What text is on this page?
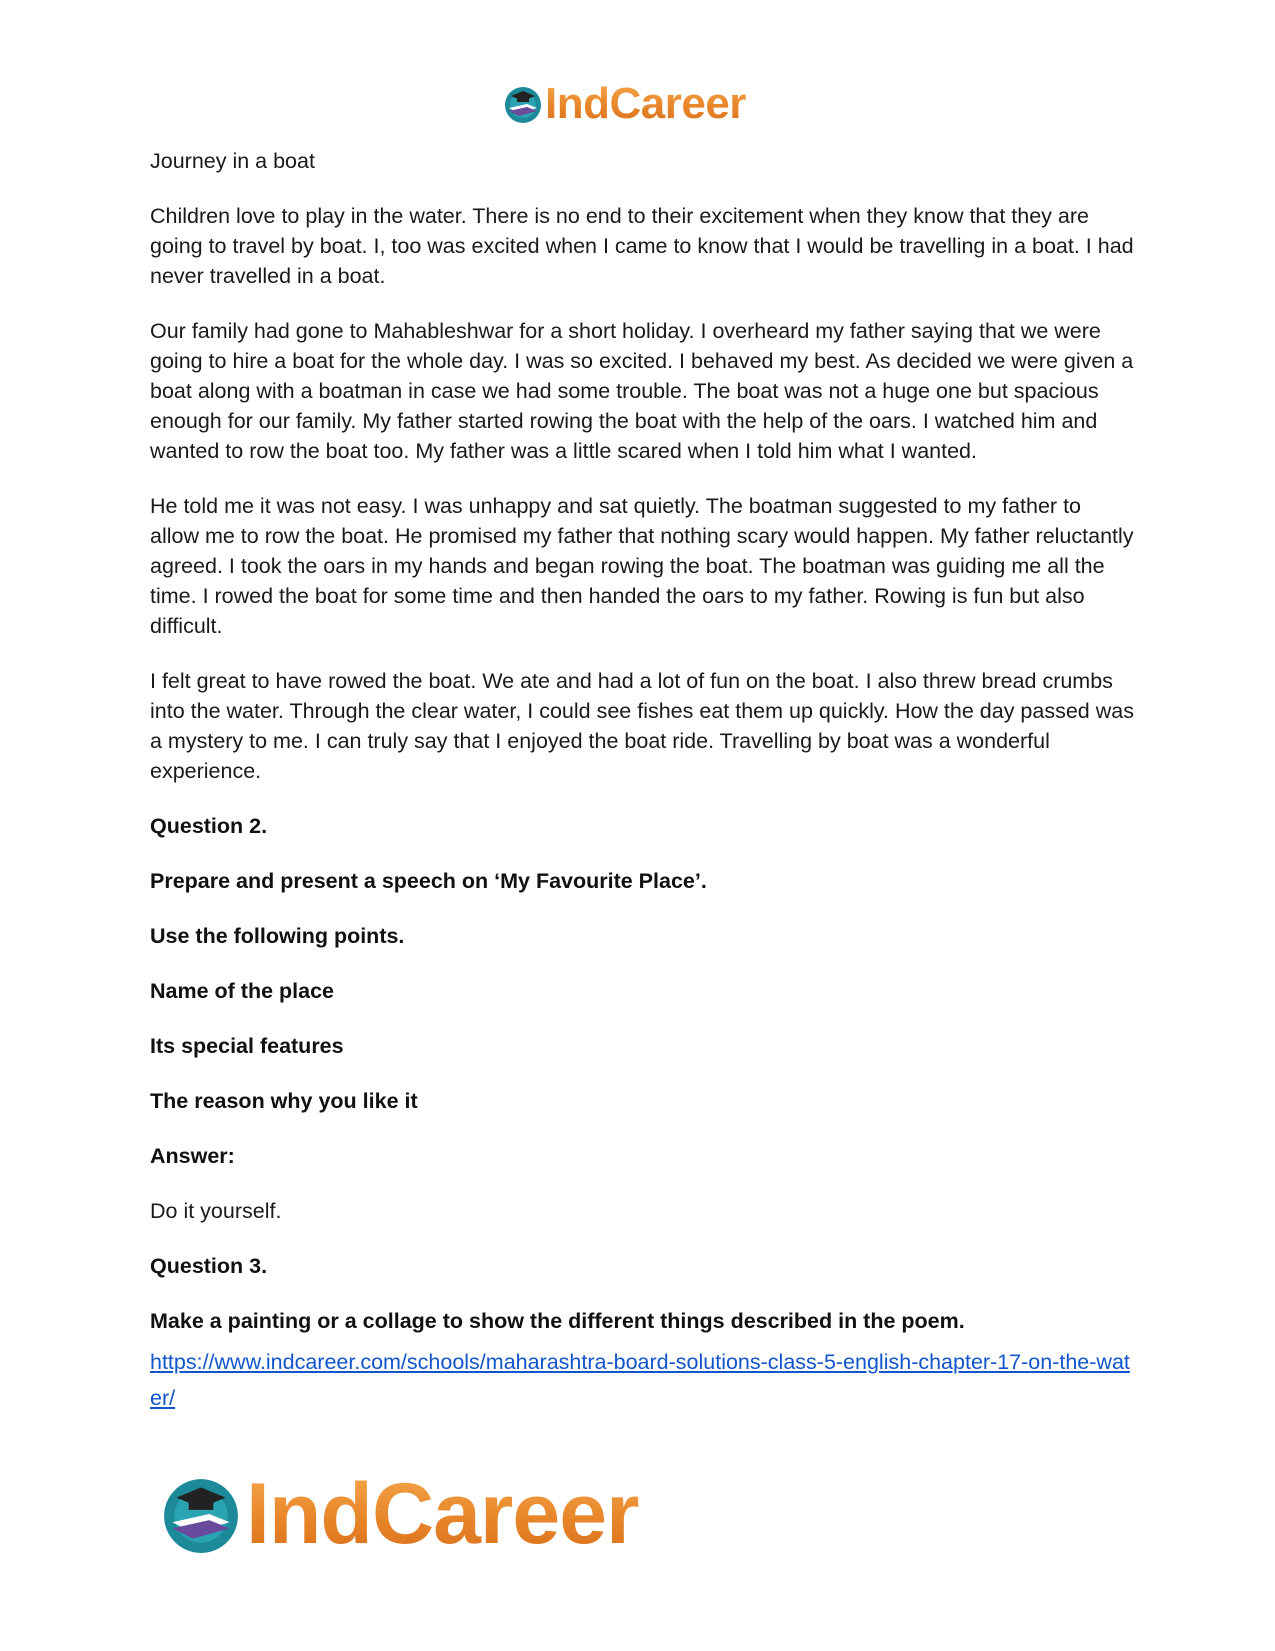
IndCareer

Journey in a boat

Children love to play in the water. There is no end to their excitement when they know that they are going to travel by boat. I, too was excited when I came to know that I would be travelling in a boat. I had never travelled in a boat.

Our family had gone to Mahableshwar for a short holiday. I overheard my father saying that we were going to hire a boat for the whole day. I was so excited. I behaved my best. As decided we were given a boat along with a boatman in case we had some trouble. The boat was not a huge one but spacious enough for our family. My father started rowing the boat with the help of the oars. I watched him and wanted to row the boat too. My father was a little scared when I told him what I wanted.

He told me it was not easy. I was unhappy and sat quietly. The boatman suggested to my father to allow me to row the boat. He promised my father that nothing scary would happen. My father reluctantly agreed. I took the oars in my hands and began rowing the boat. The boatman was guiding me all the time. I rowed the boat for some time and then handed the oars to my father. Rowing is fun but also difficult.

I felt great to have rowed the boat. We ate and had a lot of fun on the boat. I also threw bread crumbs into the water. Through the clear water, I could see fishes eat them up quickly. How the day passed was a mystery to me. I can truly say that I enjoyed the boat ride. Travelling by boat was a wonderful experience.

Question 2.

Prepare and present a speech on ‘My Favourite Place’.

Use the following points.

Name of the place

Its special features

The reason why you like it

Answer:

Do it yourself.

Question 3.

Make a painting or a collage to show the different things described in the poem.

https://www.indcareer.com/schools/maharashtra-board-solutions-class-5-english-chapter-17-on-the-water/
IndCareer
